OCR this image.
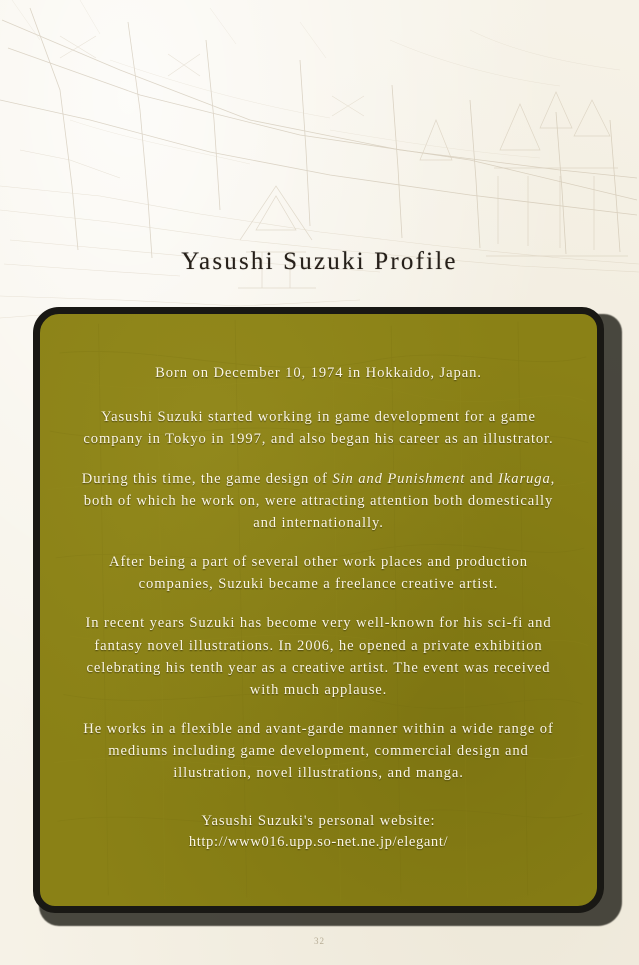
Yasushi Suzuki Profile

Born on December 10, 1974 in Hokkaido, Japan.

Yasushi Suzuki started working in game development for a game company in Tokyo in 1997, and also began his career as an illustrator.

During this time, the game design of Sin and Punishment and Ikaruga, both of which he work on, were attracting attention both domestically and internationally.

After being a part of several other work places and production companies, Suzuki became a freelance creative artist.

In recent years Suzuki has become very well-known for his sci-fi and fantasy novel illustrations. In 2006, he opened a private exhibition celebrating his tenth year as a creative artist. The event was received with much applause.

He works in a flexible and avant-garde manner within a wide range of mediums including game development, commercial design and illustration, novel illustrations, and manga.

Yasushi Suzuki's personal website:
http://www016.upp.so-net.ne.jp/elegant/
32
